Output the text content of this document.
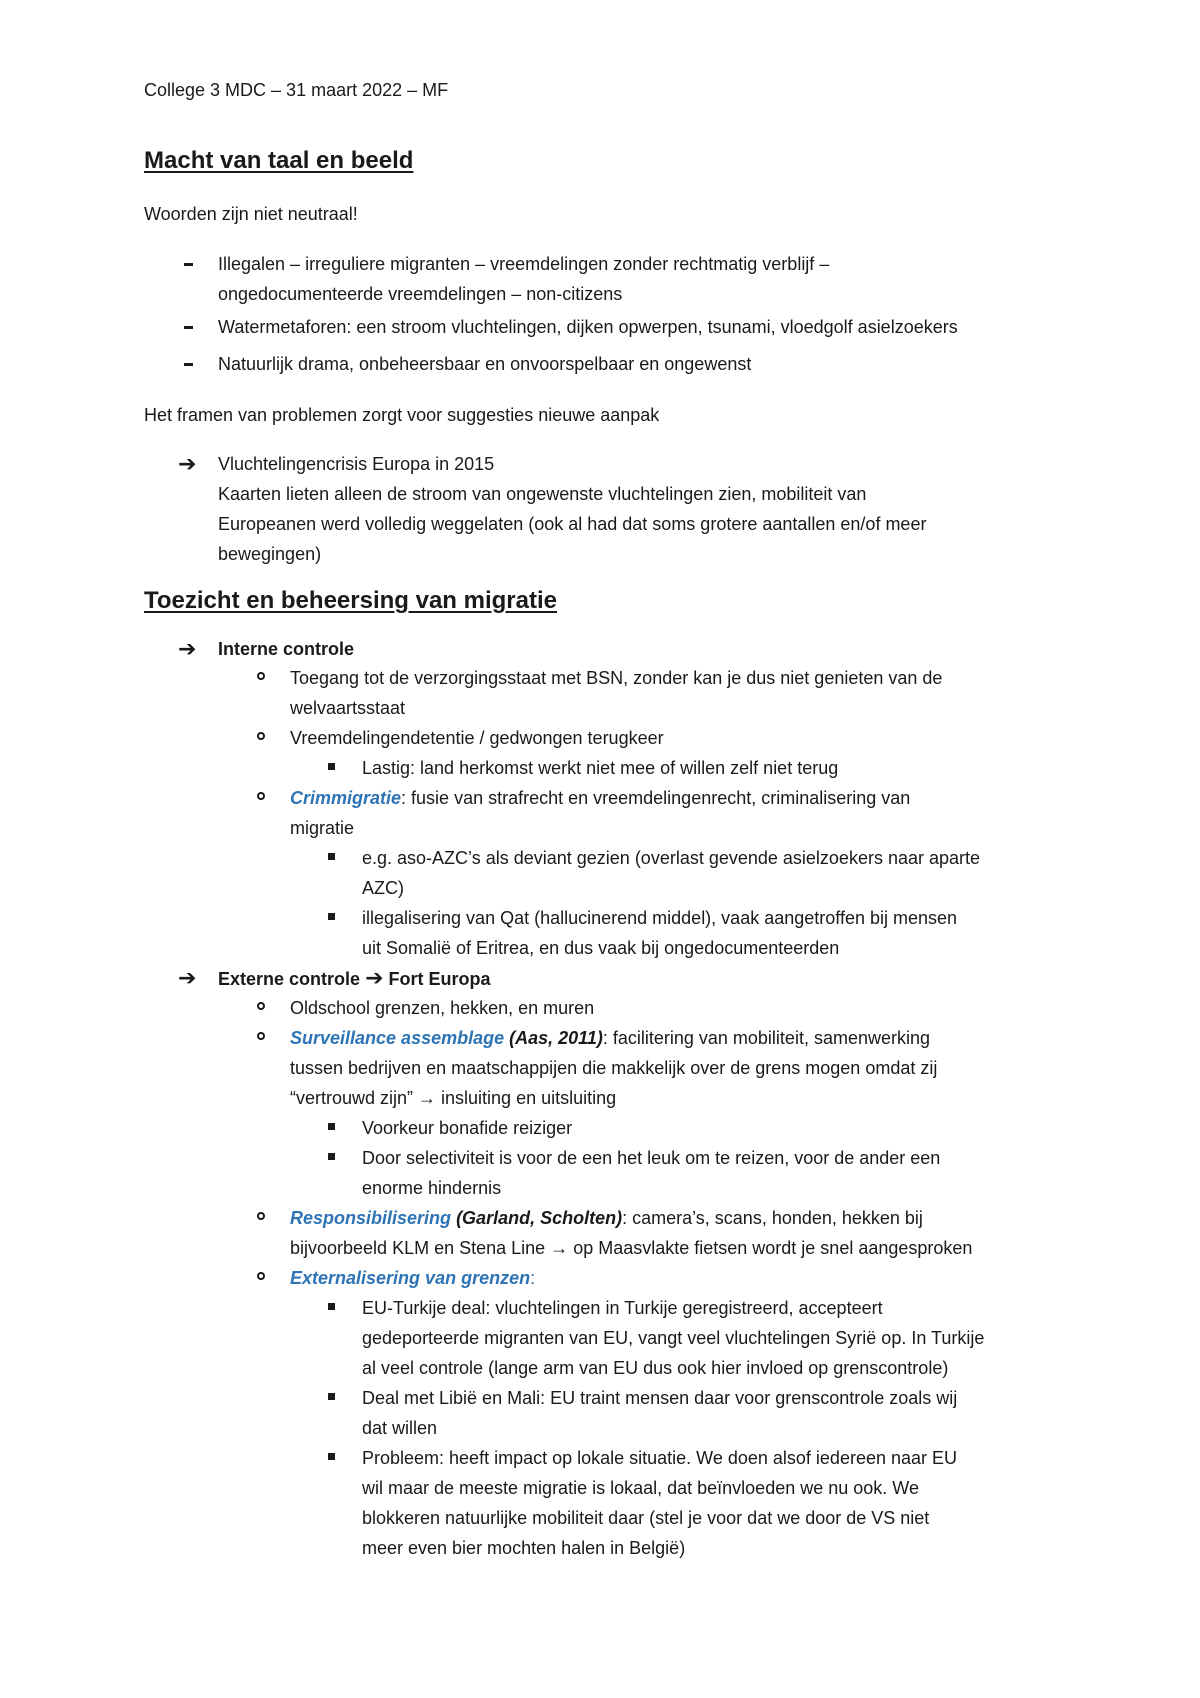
College 3 MDC – 31 maart 2022 – MF
Macht van taal en beeld
Woorden zijn niet neutraal!
Illegalen – irreguliere migranten – vreemdelingen zonder rechtmatig verblijf –
ongedocumenteerde vreemdelingen – non-citizens
Watermetaforen: een stroom vluchtelingen, dijken opwerpen, tsunami, vloedgolf asielzoekers
Natuurlijk drama, onbeheersbaar en onvoorspelbaar en ongewenst
Het framen van problemen zorgt voor suggesties nieuwe aanpak
➔ Vluchtelingencrisis Europa in 2015
Kaarten lieten alleen de stroom van ongewenste vluchtelingen zien, mobiliteit van
Europeanen werd volledig weggelaten (ook al had dat soms grotere aantallen en/of meer
bewegingen)
Toezicht en beheersing van migratie
➔ Interne controle
Toegang tot de verzorgingsstaat met BSN, zonder kan je dus niet genieten van de
welvaartsstaat
Vreemdelingendetentie / gedwongen terugkeer
Lastig: land herkomst werkt niet mee of willen zelf niet terug
Crimmigratie: fusie van strafrecht en vreemdelingenrecht, criminalisering van
migratie
e.g. aso-AZC’s als deviant gezien (overlast gevende asielzoekers naar aparte
AZC)
illegalisering van Qat (hallucinerend middel), vaak aangetroffen bij mensen
uit Somalië of Eritrea, en dus vaak bij ongedocumenteerden
➔ Externe controle ➔ Fort Europa
Oldschool grenzen, hekken, en muren
Surveillance assemblage (Aas, 2011): facilitering van mobiliteit, samenwerking
tussen bedrijven en maatschappijen die makkelijk over de grens mogen omdat zij
“vertrouwd zijn” → insluiting en uitsluiting
Voorkeur bonafide reiziger
Door selectiviteit is voor de een het leuk om te reizen, voor de ander een
enorme hindernis
Responsibilisering (Garland, Scholten): camera’s, scans, honden, hekken bij
bijvoorbeeld KLM en Stena Line → op Maasvlakte fietsen wordt je snel aangesproken
Externalisering van grenzen:
EU-Turkije deal: vluchtelingen in Turkije geregistreerd, accepteert
gedeporteerde migranten van EU, vangt veel vluchtelingen Syrië op. In Turkije
al veel controle (lange arm van EU dus ook hier invloed op grenscontrole)
Deal met Libië en Mali: EU traint mensen daar voor grenscontrole zoals wij
dat willen
Probleem: heeft impact op lokale situatie. We doen alsof iedereen naar EU
wil maar de meeste migratie is lokaal, dat beïnvloeden we nu ook. We
blokkeren natuurlijke mobiliteit daar (stel je voor dat we door de VS niet
meer even bier mochten halen in België)
